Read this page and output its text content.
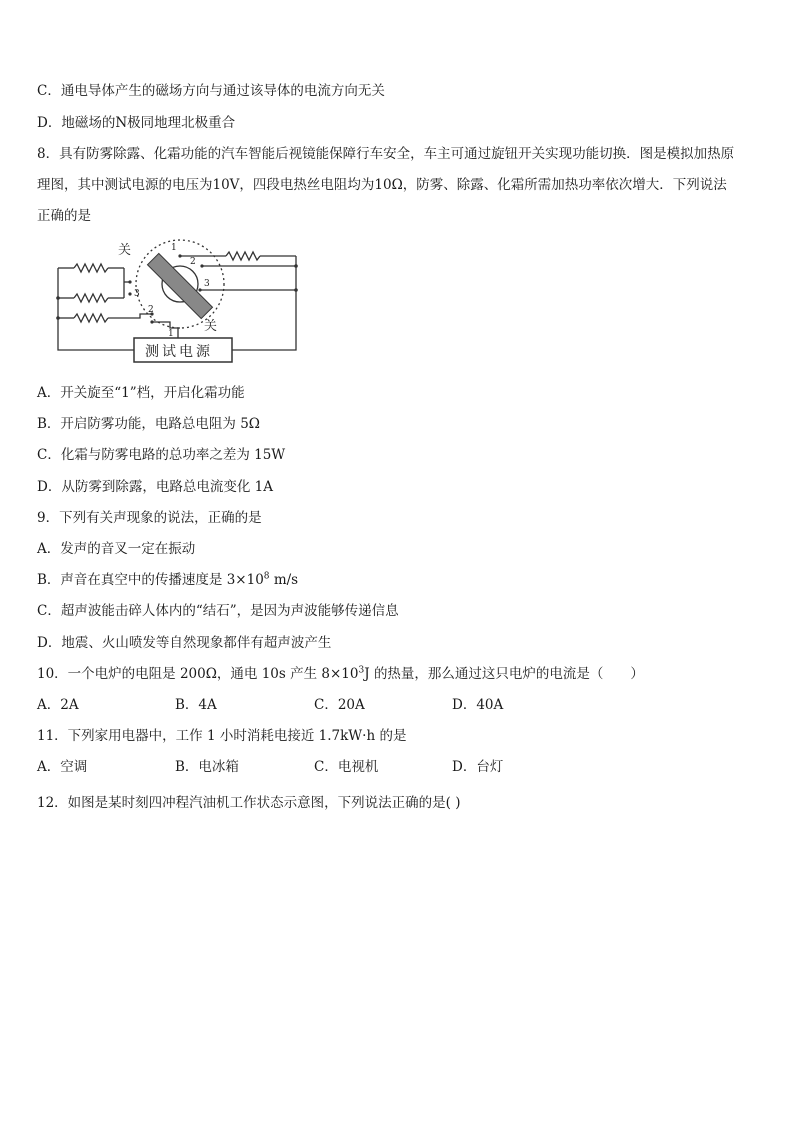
C．通电导体产生的磁场方向与通过该导体的电流方向无关
D．地磁场的N极同地理北极重合
8．具有防雾除露、化霜功能的汽车智能后视镜能保障行车安全，车主可通过旋钮开关实现功能切换．图是模拟加热原
理图，其中测试电源的电压为10V，四段电热丝电阻均为10Ω，防雾、除露、化霜所需加热功率依次增大．下列说法
正确的是
关
关
1
2
3
3
2
1
测试电源
A．开关旋至“1”档，开启化霜功能
B．开启防雾功能，电路总电阻为 5Ω
C．化霜与防雾电路的总功率之差为 15W
D．从防雾到除露，电路总电流变化 1A
9．下列有关声现象的说法，正确的是
A．发声的音叉一定在振动
B．声音在真空中的传播速度是 $3\times 10^8$ m/s
C．超声波能击碎人体内的“结石”，是因为声波能够传递信息
D．地震、火山喷发等自然现象都伴有超声波产生
10．一个电炉的电阻是 200Ω，通电 10s 产生 $8\times 10^3J$ 的热量，那么通过这只电炉的电流是（　　）
A．2A	B．4A	C．20A	D．40A
11．下列家用电器中，工作 1 小时消耗电接近 1.7kW·h 的是
A．空调	B．电冰箱	C．电视机	D．台灯
12．如图是某时刻四冲程汽油机工作状态示意图，下列说法正确的是( )
